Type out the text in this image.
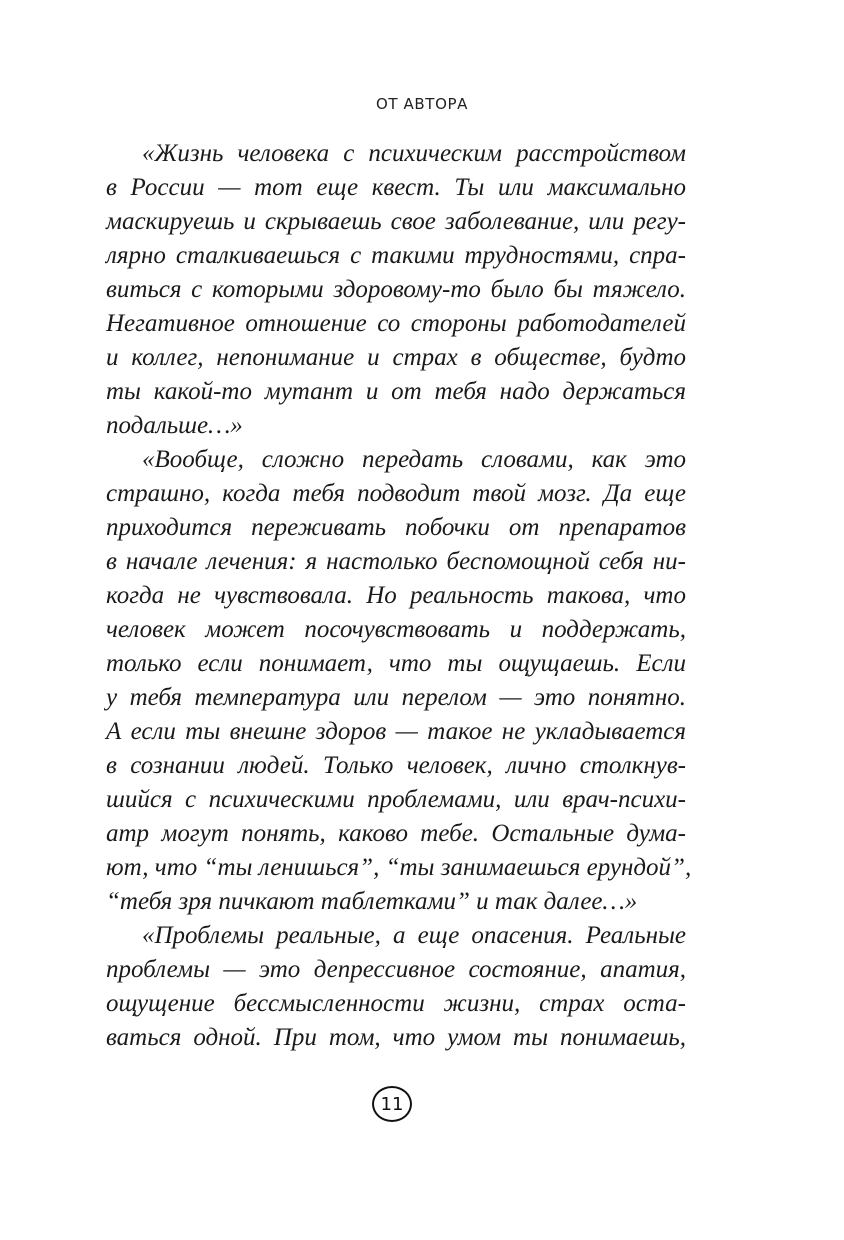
ОТ АВТОРА
«Жизнь человека с психическим расстройством
в России — тот еще квест. Ты или максимально
маскируешь и скрываешь свое заболевание, или регу-
лярно сталкиваешься с такими трудностями, спра-
виться с которыми здоровому-то было бы тяжело.
Негативное отношение со стороны работодателей
и коллег, непонимание и страх в обществе, будто
ты какой-то мутант и от тебя надо держаться
подальше…»
«Вообще, сложно передать словами, как это
страшно, когда тебя подводит твой мозг. Да еще
приходится переживать побочки от препаратов
в начале лечения: я настолько беспомощной себя ни-
когда не чувствовала. Но реальность такова, что
человек может посочувствовать и поддержать,
только если понимает, что ты ощущаешь. Если
у тебя температура или перелом — это понятно.
А если ты внешне здоров — такое не укладывается
в сознании людей. Только человек, лично столкнув-
шийся с психическими проблемами, или врач-психи-
атр могут понять, каково тебе. Остальные дума-
ют, что “ты ленишься”, “ты занимаешься ерундой”,
“тебя зря пичкают таблетками” и так далее…»
«Проблемы реальные, а еще опасения. Реальные
проблемы — это депрессивное состояние, апатия,
ощущение бессмысленности жизни, страх оста-
ваться одной. При том, что умом ты понимаешь,
11
